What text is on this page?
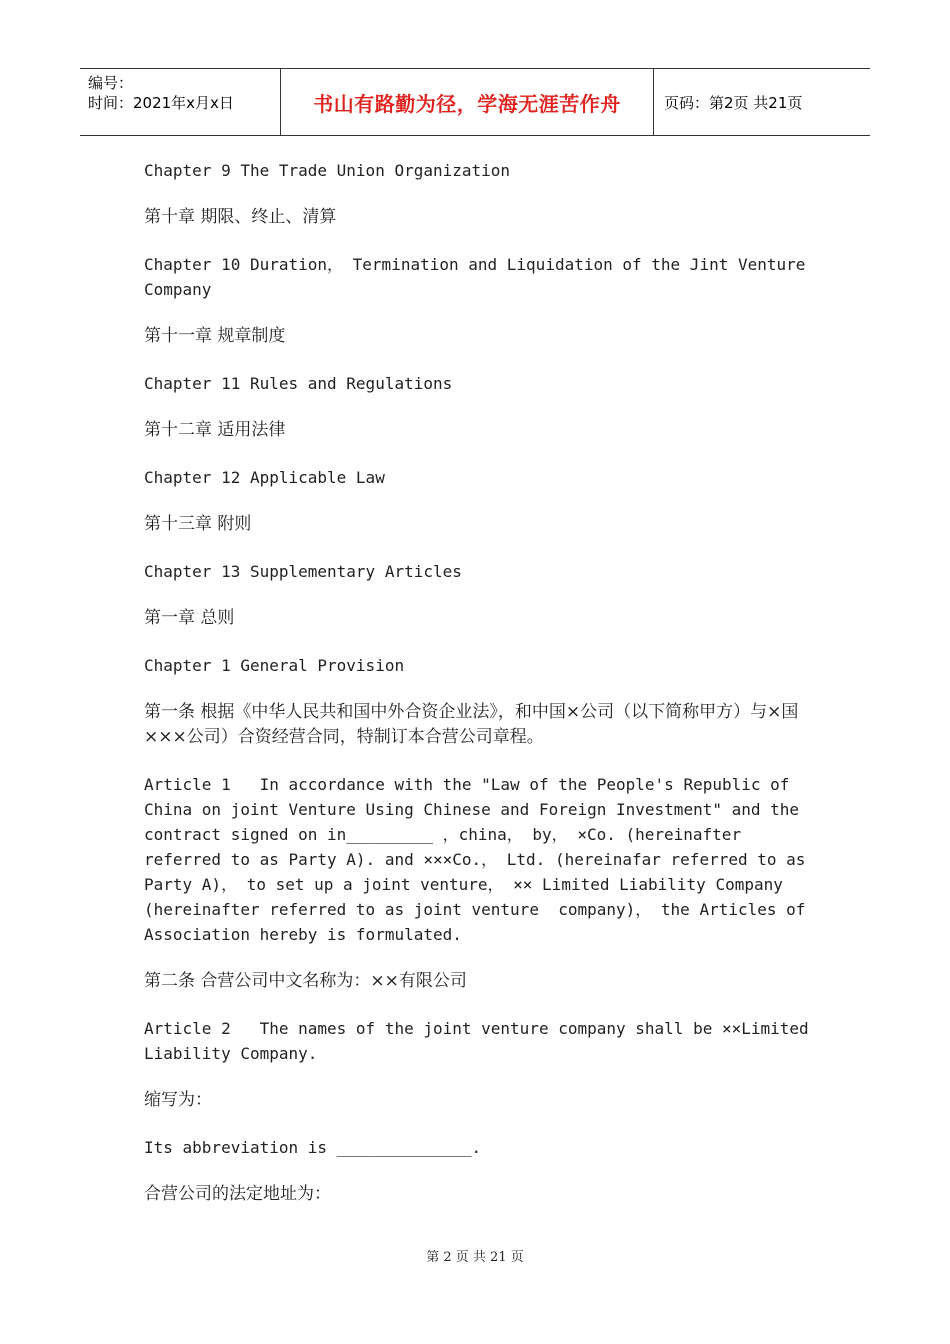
编号：
时间：2021年x月x日	书山有路勤为径，学海无涯苦作舟	页码：第2页 共21页

Chapter 9 The Trade Union Organization

第十章 期限、终止、清算

Chapter 10 Duration， Termination and Liquidation of the Jint Venture Company

第十一章 规章制度

Chapter 11 Rules and Regulations

第十二章 适用法律

Chapter 12 Applicable Law

第十三章 附则

Chapter 13 Supplementary Articles

第一章 总则

Chapter 1 General Provision

第一条 根据《中华人民共和国中外合资企业法》，和中国×公司（以下简称甲方）与×国×××公司）合资经营合同，特制订本合营公司章程。

Article 1   In accordance with the "Law of the People's Republic of China on joint Venture Using Chinese and Foreign Investment" and the contract signed on in_________ ，china， by， ×Co. (hereinafter referred to as Party A). and ×××Co.， Ltd. (hereinafar referred to as Party A)， to set up a joint venture， ×× Limited Liability Company (hereinafter referred to as joint venture  company)， the Articles of Association hereby is formulated.

第二条 合营公司中文名称为：××有限公司

Article 2   The names of the joint venture company shall be ××Limited Liability Company.

缩写为：

Its abbreviation is ______________.

合营公司的法定地址为：

第 2 页 共 21 页
